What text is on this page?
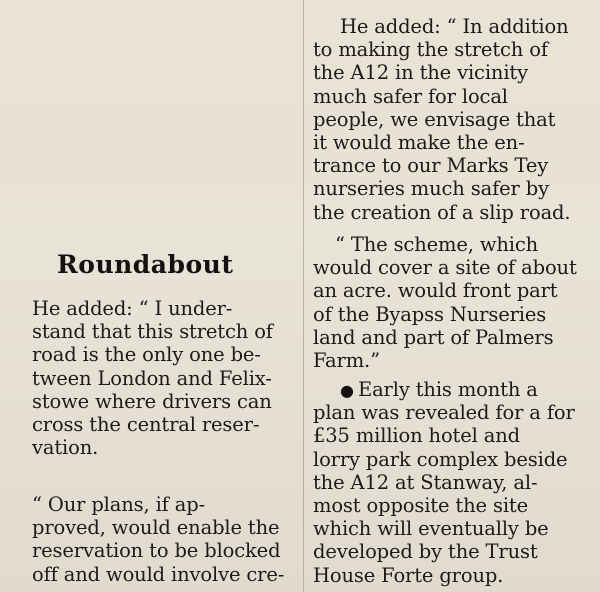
Roundabout

He added: “ I under-
stand that this stretch of
road is the only one be-
tween London and Felix-
stowe where drivers can
cross the central reser-
vation.

“ Our plans, if ap-
proved, would enable the
reservation to be blocked
off and would involve cre-

He added: “ In addition
to making the stretch of
the A12 in the vicinity
much safer for local
people, we envisage that
it would make the en-
trance to our Marks Tey
nurseries much safer by
the creation of a slip road.

“ The scheme, which
would cover a site of about
an acre. would front part
of the Byapss Nurseries
land and part of Palmers
Farm.”

● Early this month a
plan was revealed for a for
£35 million hotel and
lorry park complex beside
the A12 at Stanway, al-
most opposite the site
which will eventually be
developed by the Trust
House Forte group.
